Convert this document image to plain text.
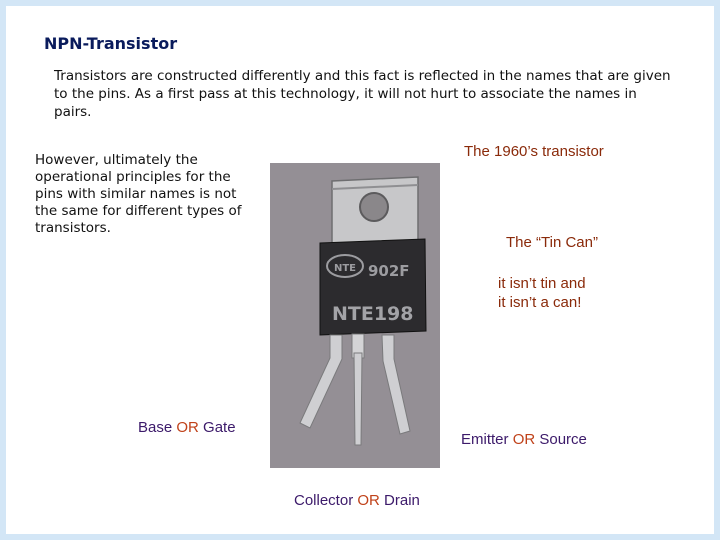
NPN-Transistor
Transistors are constructed differently and this fact is reflected in the names that are given to the pins. As a first pass at this technology, it will not hurt to associate the names in pairs.
However, ultimately the operational principles for the pins with similar names is not the same for different types of transistors.
NTE 902F
NTE198
The 1960’s transistor
The “Tin Can”
it isn’t tin and
it isn’t a can!
Base OR Gate
Emitter OR Source
Collector OR Drain
